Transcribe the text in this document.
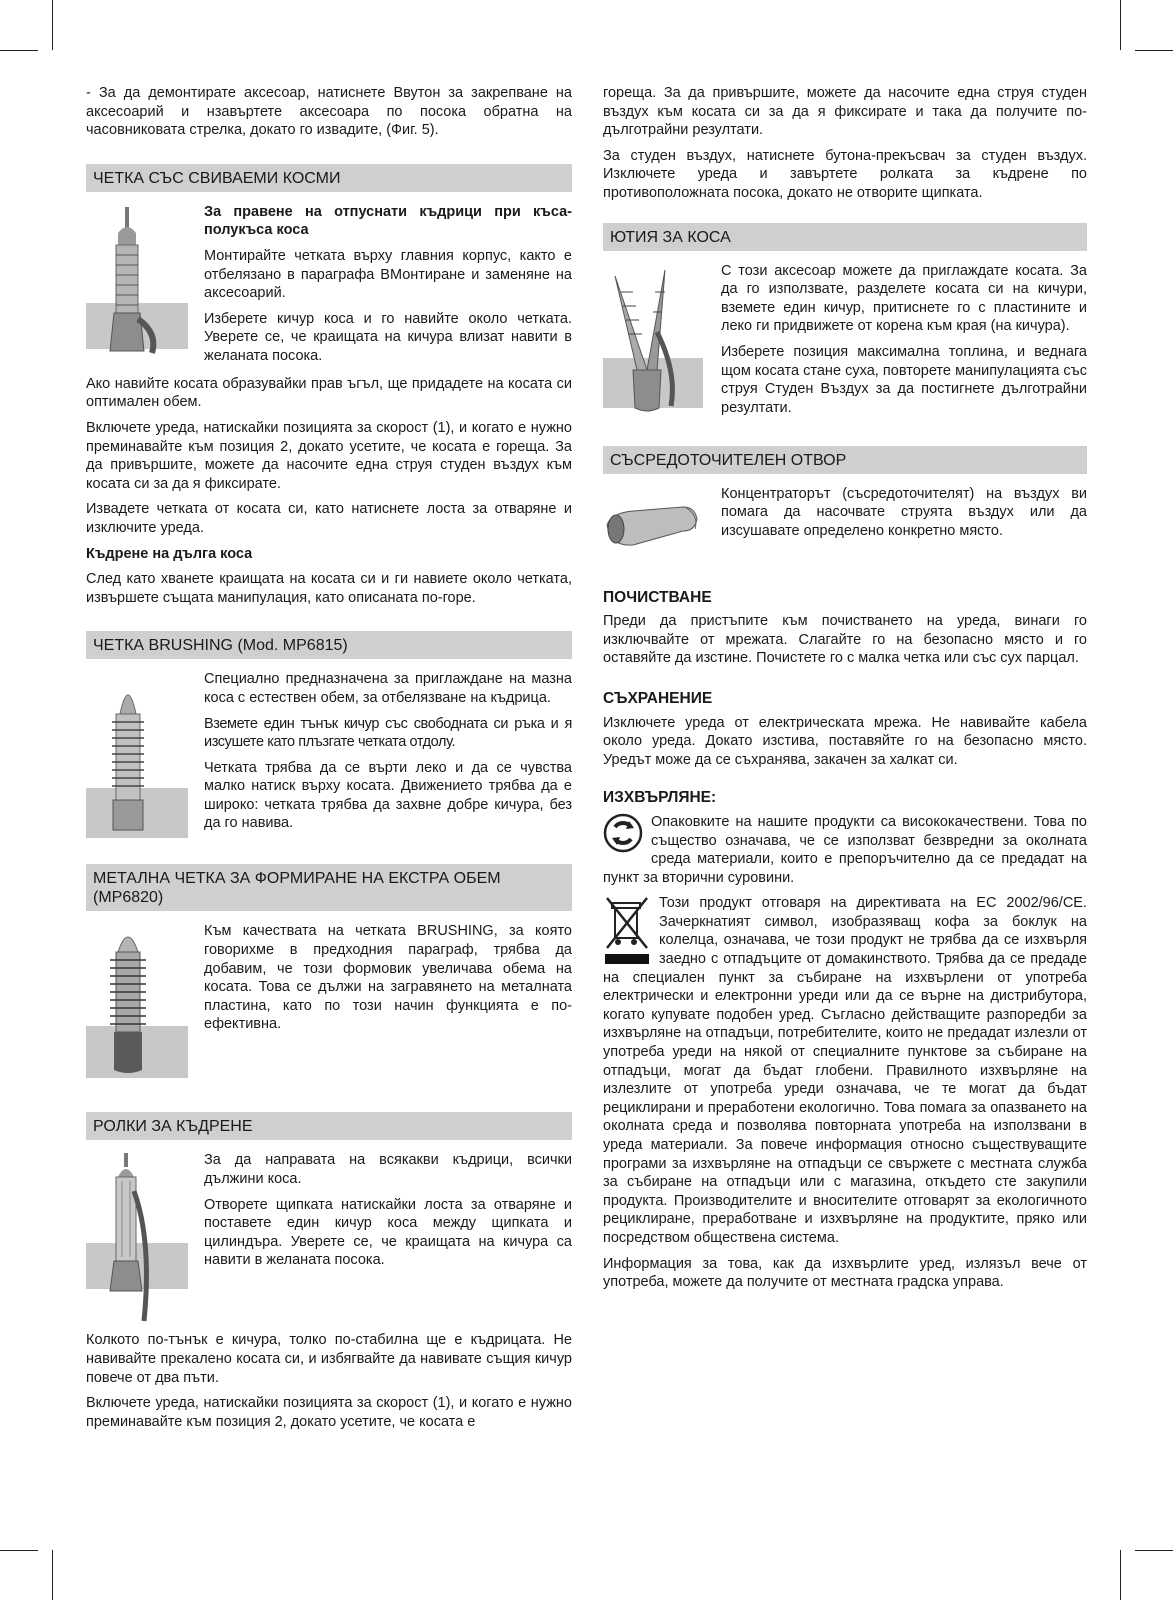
- За да демонтирате аксесоар, натиснете Ввутон за закрепване на аксесоарий и нзавъртете аксесоара по посока обратна на часовниковата стрелка, докато го извадите, (Фиг. 5).

ЧЕТКА СЪС СВИВАЕМИ КОСМИ

За правене на отпуснати къдрици при къса-полукъса коса

Монтирайте четката върху главния корпус, както е отбелязано в параграфа ВМонтиране и заменяне на аксесоарий.

Изберете кичур коса и го навийте около четката. Уверете се, че краищата на кичура влизат навити в желаната посока.

Ако навийте косата образувайки прав ъгъл, ще придадете на косата си оптимален обем.

Включете уреда, натискайки позицията за скорост (1), и когато е нужно преминавайте към позиция 2, докато усетите, че косата е гореща. За да привършите, можете да насочите една струя студен въздух към косата си за да я фиксирате.

Извадете четката от косата си, като натиснете лоста за отваряне и изключите уреда.

Къдрене на дълга коса

След като хванете краищата на косата си и ги навиете около четката, извършете същата манипулация, като описаната по-горе.

ЧЕТКА BRUSHING (Mod. MP6815)

Специално предназначена за приглаждане на мазна коса с естествен обем, за отбелязване на къдрица.

Вземете един тънък кичур със свободната си ръка и я изсушете като плъзгате четката отдолу.

Четката трябва да се върти леко и да се чувства малко натиск върху косата. Движението трябва да е широко: четката трябва да захвне добре кичура, без да го навива.

МЕТАЛНА ЧЕТКА ЗА ФОРМИРАНЕ НА ЕКСТРА ОБЕМ (MP6820)

Към качествата на четката BRUSHING, за която говорихме в предходния параграф, трябва да добавим, че този формовик увеличава обема на косата. Това се дължи на загравянето на металната пластина, като по този начин функцията е по-ефективна.

РОЛКИ ЗА КЪДРЕНЕ

За да направата на всякакви къдрици, всички дължини коса.

Отворете щипката натискайки лоста за отваряне и поставете един кичур коса между щипката и цилиндъра. Уверете се, че краищата на кичура са навити в желаната посока.

Колкото по-тънък е кичура, толко по-стабилна ще е къдрицата. Не навивайте прекалено косата си, и избягвайте да навивате същия кичур повече от два пъти.

Включете уреда, натискайки позицията за скорост (1), и когато е нужно преминавайте към позиция 2, докато усетите, че косата е

гореща. За да привършите, можете да насочите една струя студен въздух към косата си за да я фиксирате и така да получите по-дълготрайни резултати.

За студен въздух, натиснете бутона-прекъсвач за студен въздух. Изключете уреда и завъртете ролката за къдрене по противоположната посока, докато не отворите щипката.

ЮТИЯ ЗА КОСА

С този аксесоар можете да приглаждате косата. За да го използвате, разделете косата си на кичури, вземете един кичур, притиснете го с пластините и леко ги придвижете от корена към края (на кичура).

Изберете позиция максимална топлина, и веднага щом косата стане суха, повторете манипулацията със струя Студен Въздух за да постигнете дълготрайни резултати.

СЪСРЕДОТОЧИТЕЛЕН ОТВОР

Концентраторът (съсредоточителят) на въздух ви помага да насочвате струята въздух или да изсушавате определено конкретно място.

ПОЧИСТВАНЕ

Преди да пристъпите към почистването на уреда, винаги го изключвайте от мрежата. Слагайте го на безопасно място и го оставяйте да изстине. Почистете го с малка четка или със сух парцал.

СЪХРАНЕНИЕ

Изключете уреда от електрическата мрежа. Не навивайте кабела около уреда. Докато изстива, поставяйте го на безопасно място. Уредът може да се съхранява, закачен за халкат си.

ИЗХВЪРЛЯНЕ:

Опаковките на нашите продукти са висококачествени. Това по същество означава, че се използват безвредни за околната среда материали, които е препоръчително да се предадат на пункт за вторични суровини.

Този продукт отговаря на директивата на ЕС 2002/96/СЕ. Зачеркнатият символ, изобразяващ кофа за боклук на колелца, означава, че този продукт не трябва да се изхвърля заедно с отпадъците от домакинството. Трябва да се предаде на специален пункт за събиране на изхвърлени от употреба електрически и електронни уреди или да се върне на дистрибутора, когато купувате подобен уред. Съгласно действащите разпоредби за изхвърляне на отпадъци, потребителите, които не предадат излезли от употреба уреди на някой от специалните пунктове за събиране на отпадъци, могат да бъдат глобени. Правилното изхвърляне на излезлите от употреба уреди означава, че те могат да бъдат рециклирани и преработени екологично. Това помага за опазването на околната среда и позволява повторната употреба на използвани в уреда материали. За повече информация относно съществуващите програми за изхвърляне на отпадъци се свържете с местната служба за събиране на отпадъци или с магазина, откъдето сте закупили продукта. Производителите и вносителите отговарят за екологичното рециклиране, преработване и изхвърляне на продуктите, пряко или посредством обществена система.

Информация за това, как да изхвърлите уред, излязъл вече от употреба, можете да получите от местната градска управа.
